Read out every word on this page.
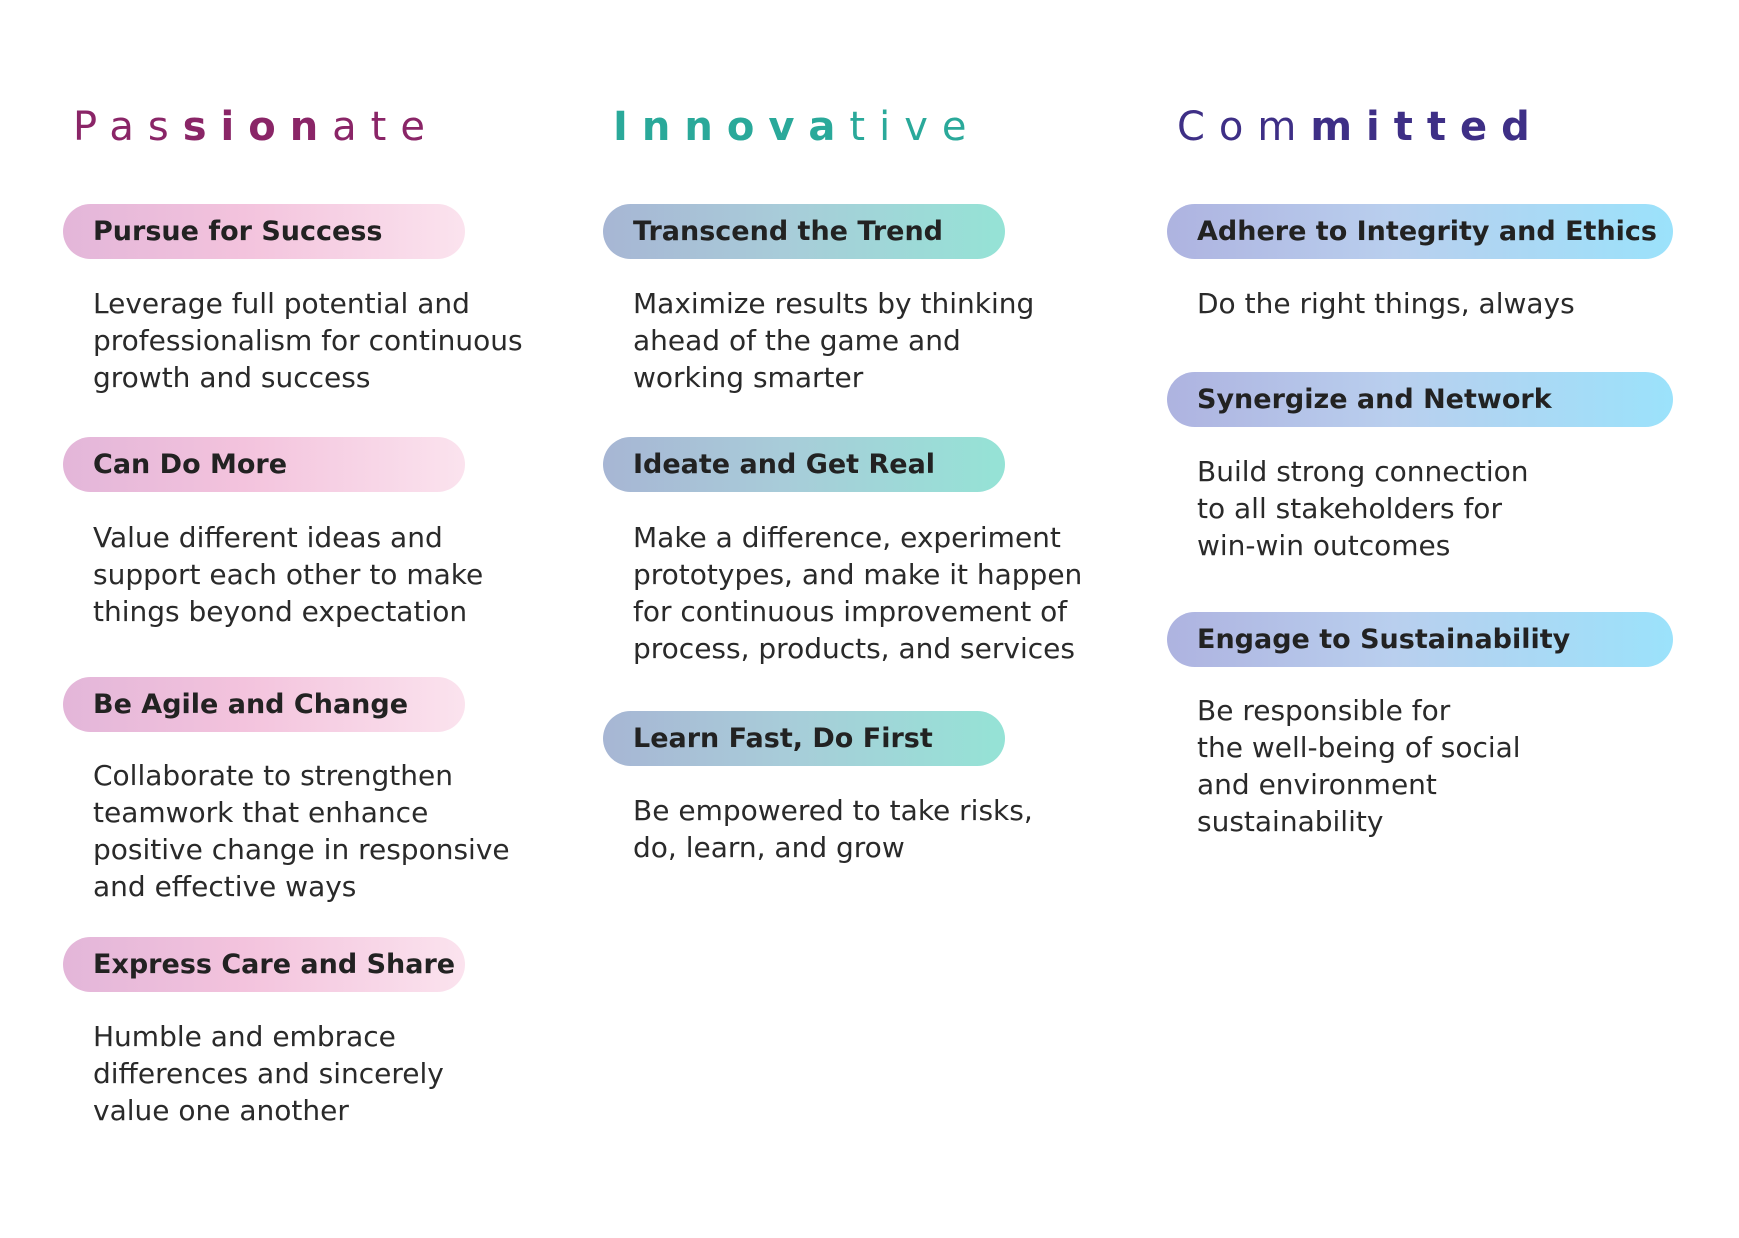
Passionate
Pursue for Success

Leverage full potential and
professionalism for continuous
growth and success

Can Do More

Value different ideas and
support each other to make
things beyond expectation

Be Agile and Change

Collaborate to strengthen
teamwork that enhance
positive change in responsive
and effective ways

Express Care and Share

Humble and embrace
differences and sincerely
value one another

Innovative
Transcend the Trend

Maximize results by thinking
ahead of the game and
working smarter

Ideate and Get Real

Make a difference, experiment
prototypes, and make it happen
for continuous improvement of
process, products, and services

Learn Fast, Do First

Be empowered to take risks,
do, learn, and grow

Committed
Adhere to Integrity and Ethics

Do the right things, always

Synergize and Network

Build strong connection
to all stakeholders for
win-win outcomes

Engage to Sustainability

Be responsible for
the well-being of social
and environment
sustainability
